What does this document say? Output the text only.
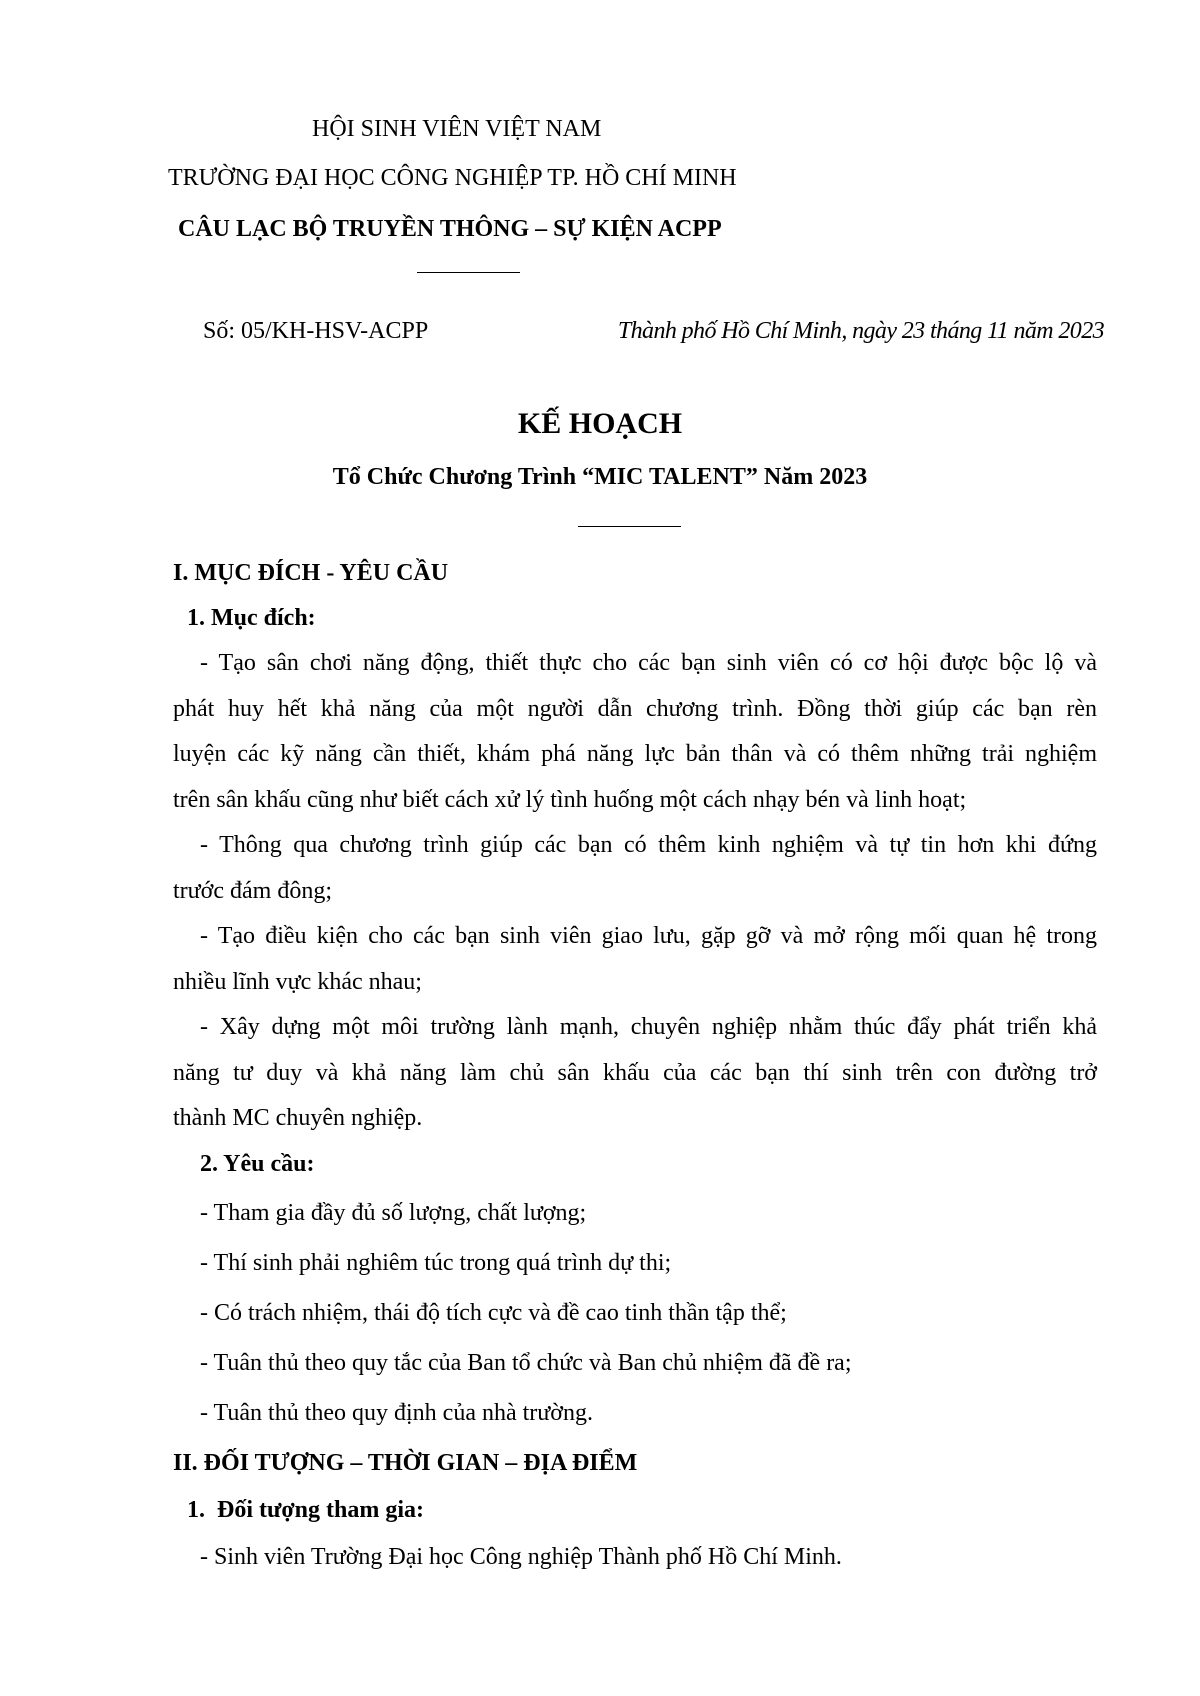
HỘI SINH VIÊN VIỆT NAM
TRƯỜNG ĐẠI HỌC CÔNG NGHIỆP TP. HỒ CHÍ MINH
CÂU LẠC BỘ TRUYỀN THÔNG – SỰ KIỆN ACPP
Số: 05/KH-HSV-ACPP	Thành phố Hồ Chí Minh, ngày 23 tháng 11 năm 2023
KẾ HOẠCH
Tổ Chức Chương Trình “MIC TALENT” Năm 2023
I. MỤC ĐÍCH - YÊU CẦU
1. Mục đích:
- Tạo sân chơi năng động, thiết thực cho các bạn sinh viên có cơ hội được bộc lộ và
phát huy hết khả năng của một người dẫn chương trình. Đồng thời giúp các bạn rèn
luyện các kỹ năng cần thiết, khám phá năng lực bản thân và có thêm những trải nghiệm
trên sân khấu cũng như biết cách xử lý tình huống một cách nhạy bén và linh hoạt;
- Thông qua chương trình giúp các bạn có thêm kinh nghiệm và tự tin hơn khi đứng
trước đám đông;
- Tạo điều kiện cho các bạn sinh viên giao lưu, gặp gỡ và mở rộng mối quan hệ trong
nhiều lĩnh vực khác nhau;
- Xây dựng một môi trường lành mạnh, chuyên nghiệp nhằm thúc đẩy phát triển khả
năng tư duy và khả năng làm chủ sân khấu của các bạn thí sinh trên con đường trở
thành MC chuyên nghiệp.
2. Yêu cầu:
- Tham gia đầy đủ số lượng, chất lượng;
- Thí sinh phải nghiêm túc trong quá trình dự thi;
- Có trách nhiệm, thái độ tích cực và đề cao tinh thần tập thể;
- Tuân thủ theo quy tắc của Ban tổ chức và Ban chủ nhiệm đã đề ra;
- Tuân thủ theo quy định của nhà trường.
II. ĐỐI TƯỢNG – THỜI GIAN – ĐỊA ĐIỂM
1.  Đối tượng tham gia:
- Sinh viên Trường Đại học Công nghiệp Thành phố Hồ Chí Minh.
